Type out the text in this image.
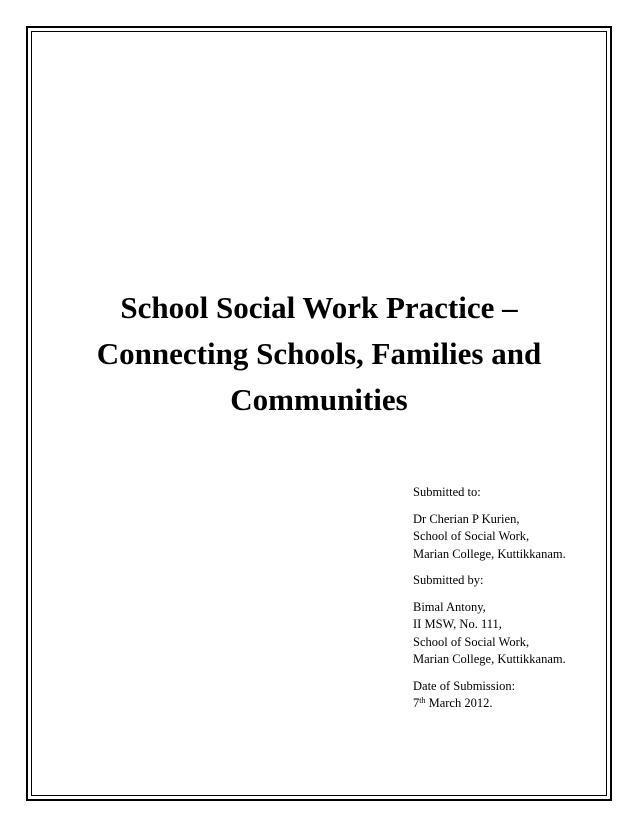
School Social Work Practice –
Connecting Schools, Families and
Communities
Submitted to:
Dr Cherian P Kurien,
School of Social Work,
Marian College, Kuttikkanam.
Submitted by:
Bimal Antony,
II MSW, No. 111,
School of Social Work,
Marian College, Kuttikkanam.
Date of Submission:
7th March 2012.
